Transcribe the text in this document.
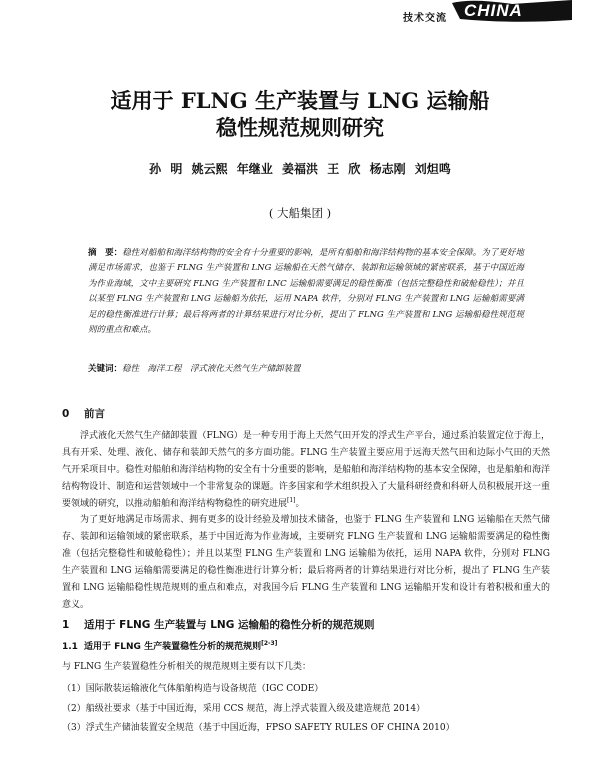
技术交流 CHINA
适用于 FLNG 生产装置与 LNG 运输船
稳性规范规则研究
孙 明 姚云熙 年继业 姜福洪 王 欣 杨志刚 刘炟鸣
( 大船集团 )
摘　要：稳性对船舶和海洋结构物的安全有十分重要的影响，是所有船舶和海洋结构物的基本安全保障。为了更好地满足市场需求，也鉴于 FLNG 生产装置和 LNG 运输船在天然气储存、装卸和运输领域的紧密联系，基于中国近海为作业海域，文中主要研究 FLNG 生产装置和 LNC 运输船需要满足的稳性衡准（包括完整稳性和破舱稳性）；并且以某型 FLNG 生产装置和 LNG 运输船为依托，运用 NAPA 软件，分别对 FLNG 生产装置和 LNG 运输船需要满足的稳性衡准进行计算；最后将两者的计算结果进行对比分析，提出了 FLNG 生产装置和 LNG 运输船稳性规范规则的重点和难点。
关键词：稳性　海洋工程　浮式液化天然气生产储卸装置
0 前言

浮式液化天然气生产储卸装置（FLNG）是一种专用于海上天然气田开发的浮式生产平台，通过系泊装置定位于海上，具有开采、处理、液化、储存和装卸天然气的多方面功能。FLNG 生产装置主要应用于远海天然气田和边际小气田的天然气开采项目中。稳性对船舶和海洋结构物的安全有十分重要的影响，是船舶和海洋结构物的基本安全保障，也是船舶和海洋结构物设计、制造和运营领域中一个非常复杂的课题。许多国家和学术组织投入了大量科研经费和科研人员积极展开这一重要领域的研究，以推动船舶和海洋结构物稳性的研究进展[1]。

为了更好地满足市场需求、拥有更多的设计经验及增加技术储备，也鉴于 FLNG 生产装置和 LNG 运输船在天然气储存、装卸和运输领域的紧密联系，基于中国近海为作业海域，主要研究 FLNG 生产装置和 LNG 运输船需要满足的稳性衡准（包括完整稳性和破舱稳性）；并且以某型 FLNG 生产装置和 LNG 运输船为依托，运用 NAPA 软件，分别对 FLNG 生产装置和 LNG 运输船需要满足的稳性衡准进行计算分析；最后将两者的计算结果进行对比分析，提出了 FLNG 生产装置和 LNG 运输船稳性规范规则的重点和难点，对我国今后 FLNG 生产装置和 LNG 运输船开发和设计有着积极和重大的意义。

1 适用于 FLNG 生产装置与 LNG 运输船的稳性分析的规范规则
1.1 适用于 FLNG 生产装置稳性分析的规范规则[2-3]
与 FLNG 生产装置稳性分析相关的规范规则主要有以下几类：
（1）国际散装运输液化气体船舶构造与设备规范（IGC CODE）
（2）船级社要求（基于中国近海，采用 CCS 规范，海上浮式装置入级及建造规范 2014）
（3）浮式生产储油装置安全规范（基于中国近海，FPSO SAFETY RULES OF CHINA 2010）
